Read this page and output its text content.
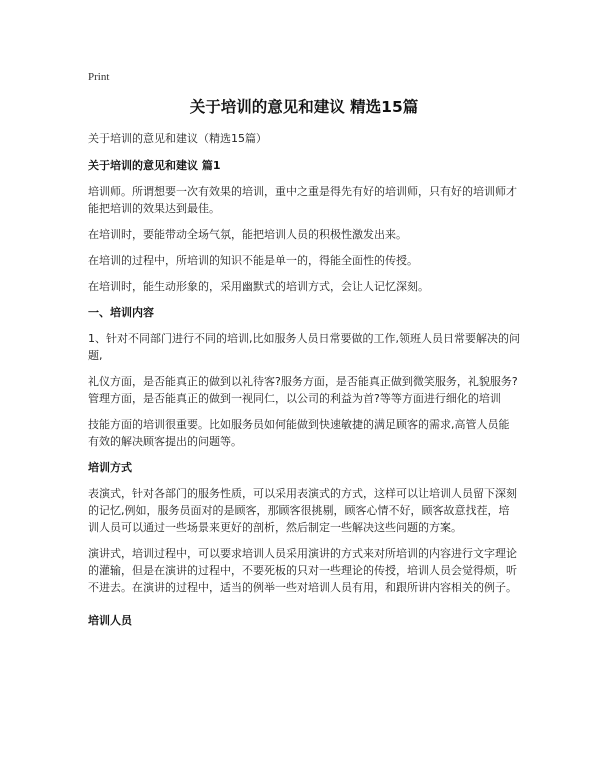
Print
关于培训的意见和建议 精选15篇
关于培训的意见和建议（精选15篇）
关于培训的意见和建议 篇1

培训师。所谓想要一次有效果的培训，重中之重是得先有好的培训师，只有好的培训师才能把培训的效果达到最佳。

在培训时，要能带动全场气氛，能把培训人员的积极性激发出来。

在培训的过程中，所培训的知识不能是单一的，得能全面性的传授。

在培训时，能生动形象的，采用幽默式的培训方式，会让人记忆深刻。

一、培训内容

1、针对不同部门进行不同的培训,比如服务人员日常要做的工作,领班人员日常要解决的问题,

礼仪方面，是否能真正的做到以礼待客?服务方面，是否能真正做到微笑服务，礼貌服务?管理方面，是否能真正的做到一视同仁，以公司的利益为首?等等方面进行细化的培训

技能方面的培训很重要。比如服务员如何能做到快速敏捷的满足顾客的需求,高管人员能有效的解决顾客提出的问题等。

培训方式

表演式，针对各部门的服务性质，可以采用表演式的方式，这样可以让培训人员留下深刻的记忆,例如，服务员面对的是顾客，那顾客很挑剔，顾客心情不好，顾客故意找茬，培训人员可以通过一些场景来更好的剖析，然后制定一些解决这些问题的方案。

演讲式，培训过程中，可以要求培训人员采用演讲的方式来对所培训的内容进行文字理论的灌输，但是在演讲的过程中，不要死板的只对一些理论的传授，培训人员会觉得烦，听不进去。在演讲的过程中，适当的例举一些对培训人员有用，和跟所讲内容相关的例子。

培训人员
